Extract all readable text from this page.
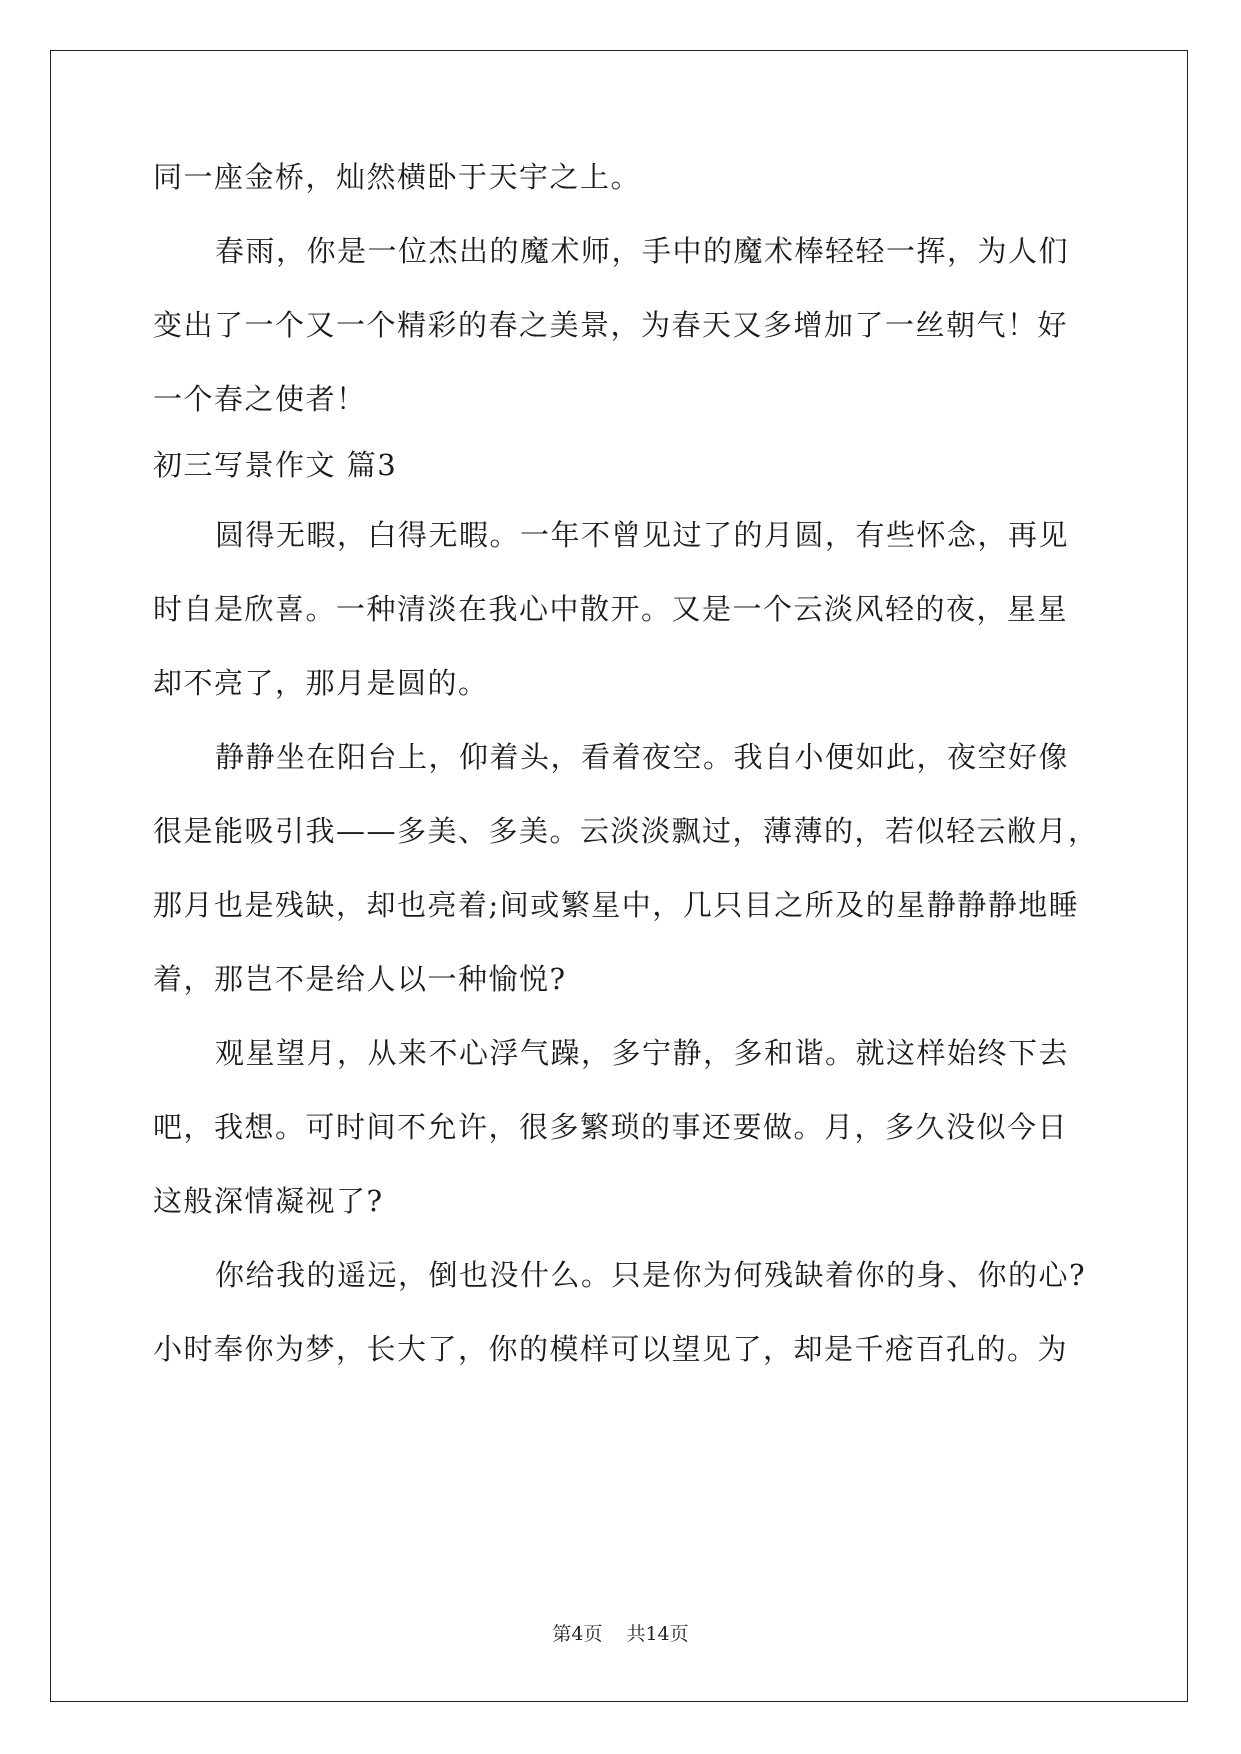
同一座金桥，灿然横卧于天宇之上。
春雨，你是一位杰出的魔术师，手中的魔术棒轻轻一挥，为人们
变出了一个又一个精彩的春之美景，为春天又多增加了一丝朝气！好
一个春之使者！
初三写景作文 篇3
圆得无暇，白得无暇。一年不曾见过了的月圆，有些怀念，再见
时自是欣喜。一种清淡在我心中散开。又是一个云淡风轻的夜，星星
却不亮了，那月是圆的。
静静坐在阳台上，仰着头，看着夜空。我自小便如此，夜空好像
很是能吸引我——多美、多美。云淡淡飘过，薄薄的，若似轻云敝月，
那月也是残缺，却也亮着;间或繁星中，几只目之所及的星静静静地睡
着，那岂不是给人以一种愉悦?
观星望月，从来不心浮气躁，多宁静，多和谐。就这样始终下去
吧，我想。可时间不允许，很多繁琐的事还要做。月，多久没似今日
这般深情凝视了?
你给我的遥远，倒也没什么。只是你为何残缺着你的身、你的心?
小时奉你为梦，长大了，你的模样可以望见了，却是千疮百孔的。为
第4页 共14页
